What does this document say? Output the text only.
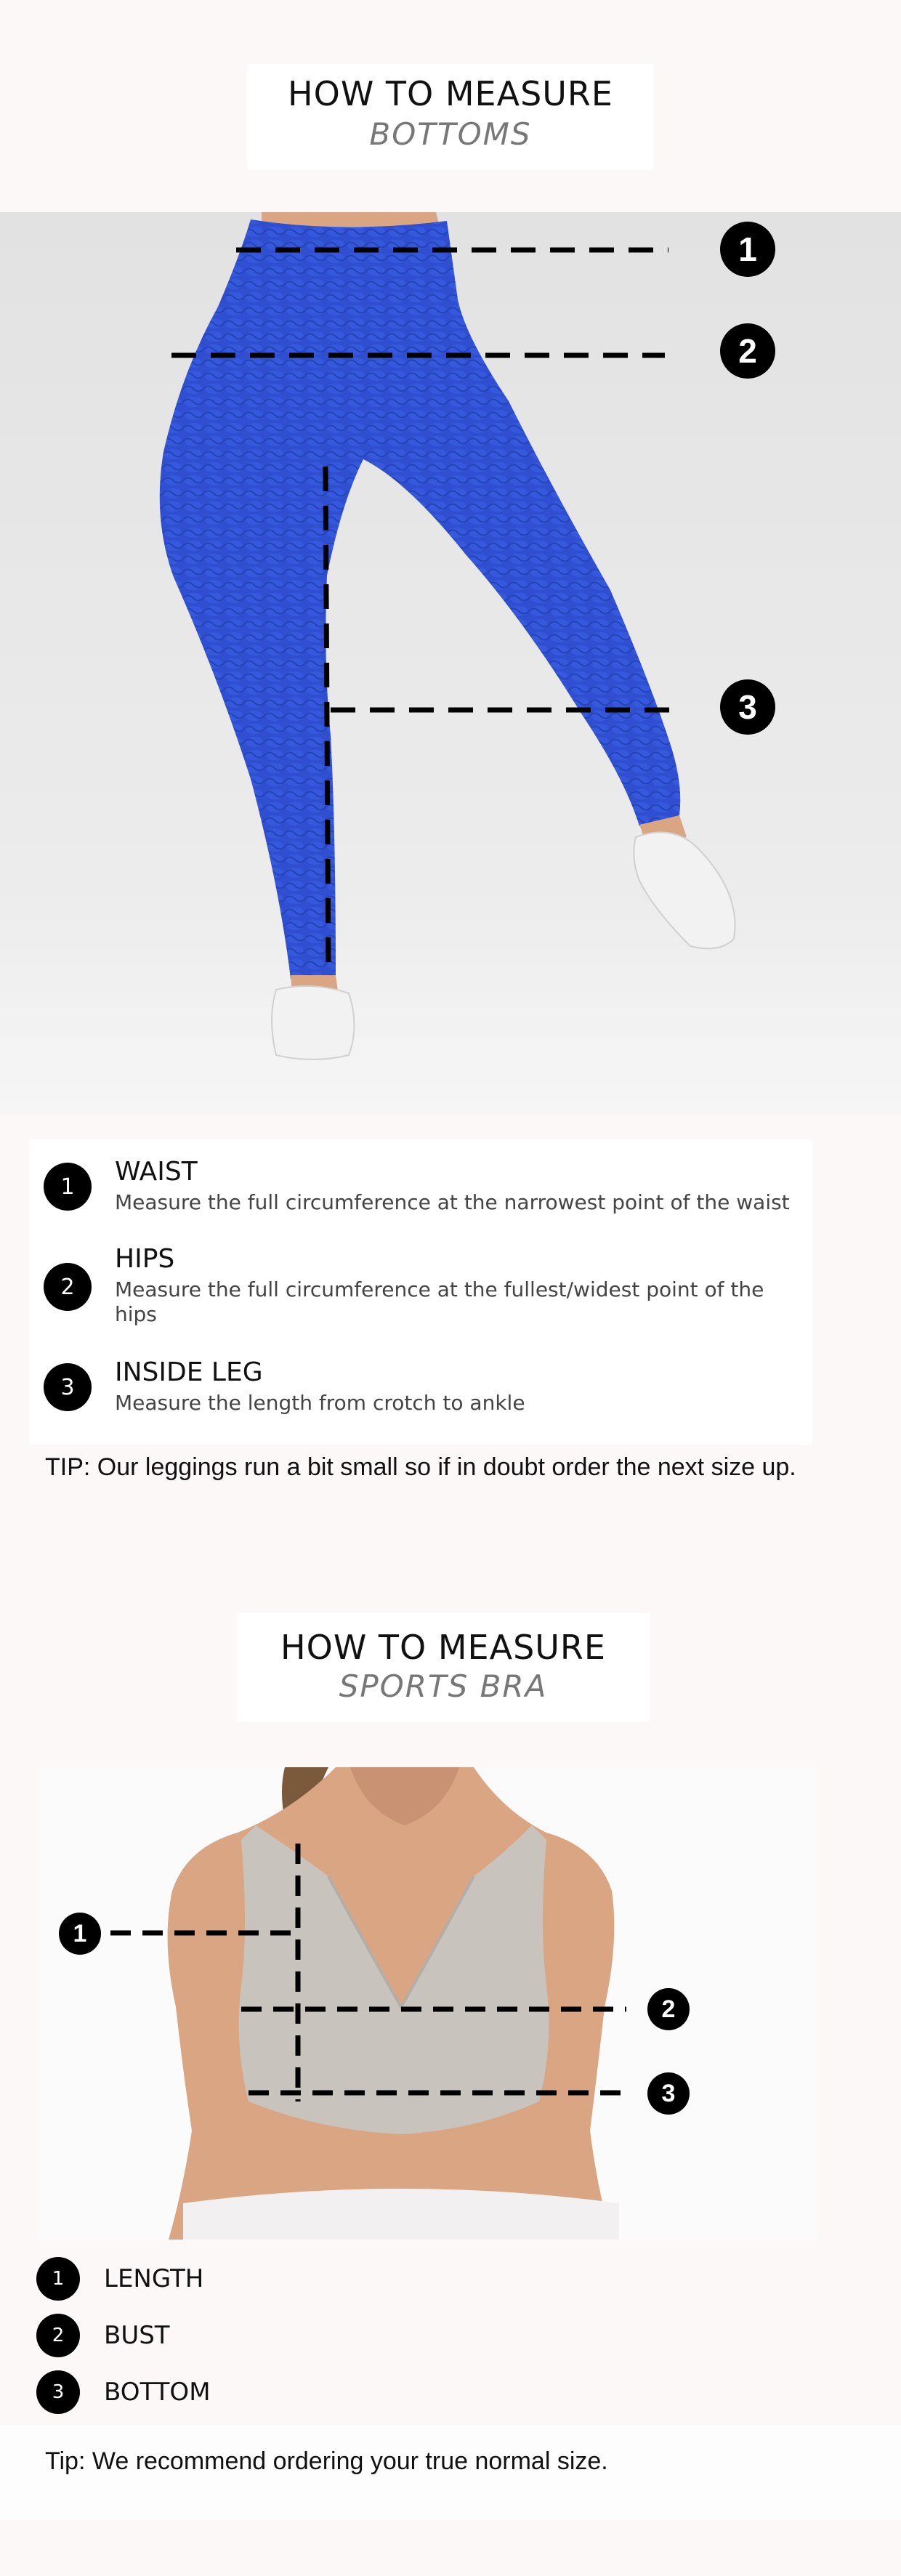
HOW TO MEASURE
BOTTOMS
1
2
3
1	WAIST
Measure the full circumference at the narrowest point of the waist
2
HIPS
Measure the full circumference at the fullest/widest point of the hips
3	INSIDE LEG
Measure the length from crotch to ankle
TIP: Our leggings run a bit small so if in doubt order the next size up.
HOW TO MEASURE
SPORTS BRA
1
2
3
1	LENGTH
2	BUST
3	BOTTOM
Tip: We recommend ordering your true normal size.
